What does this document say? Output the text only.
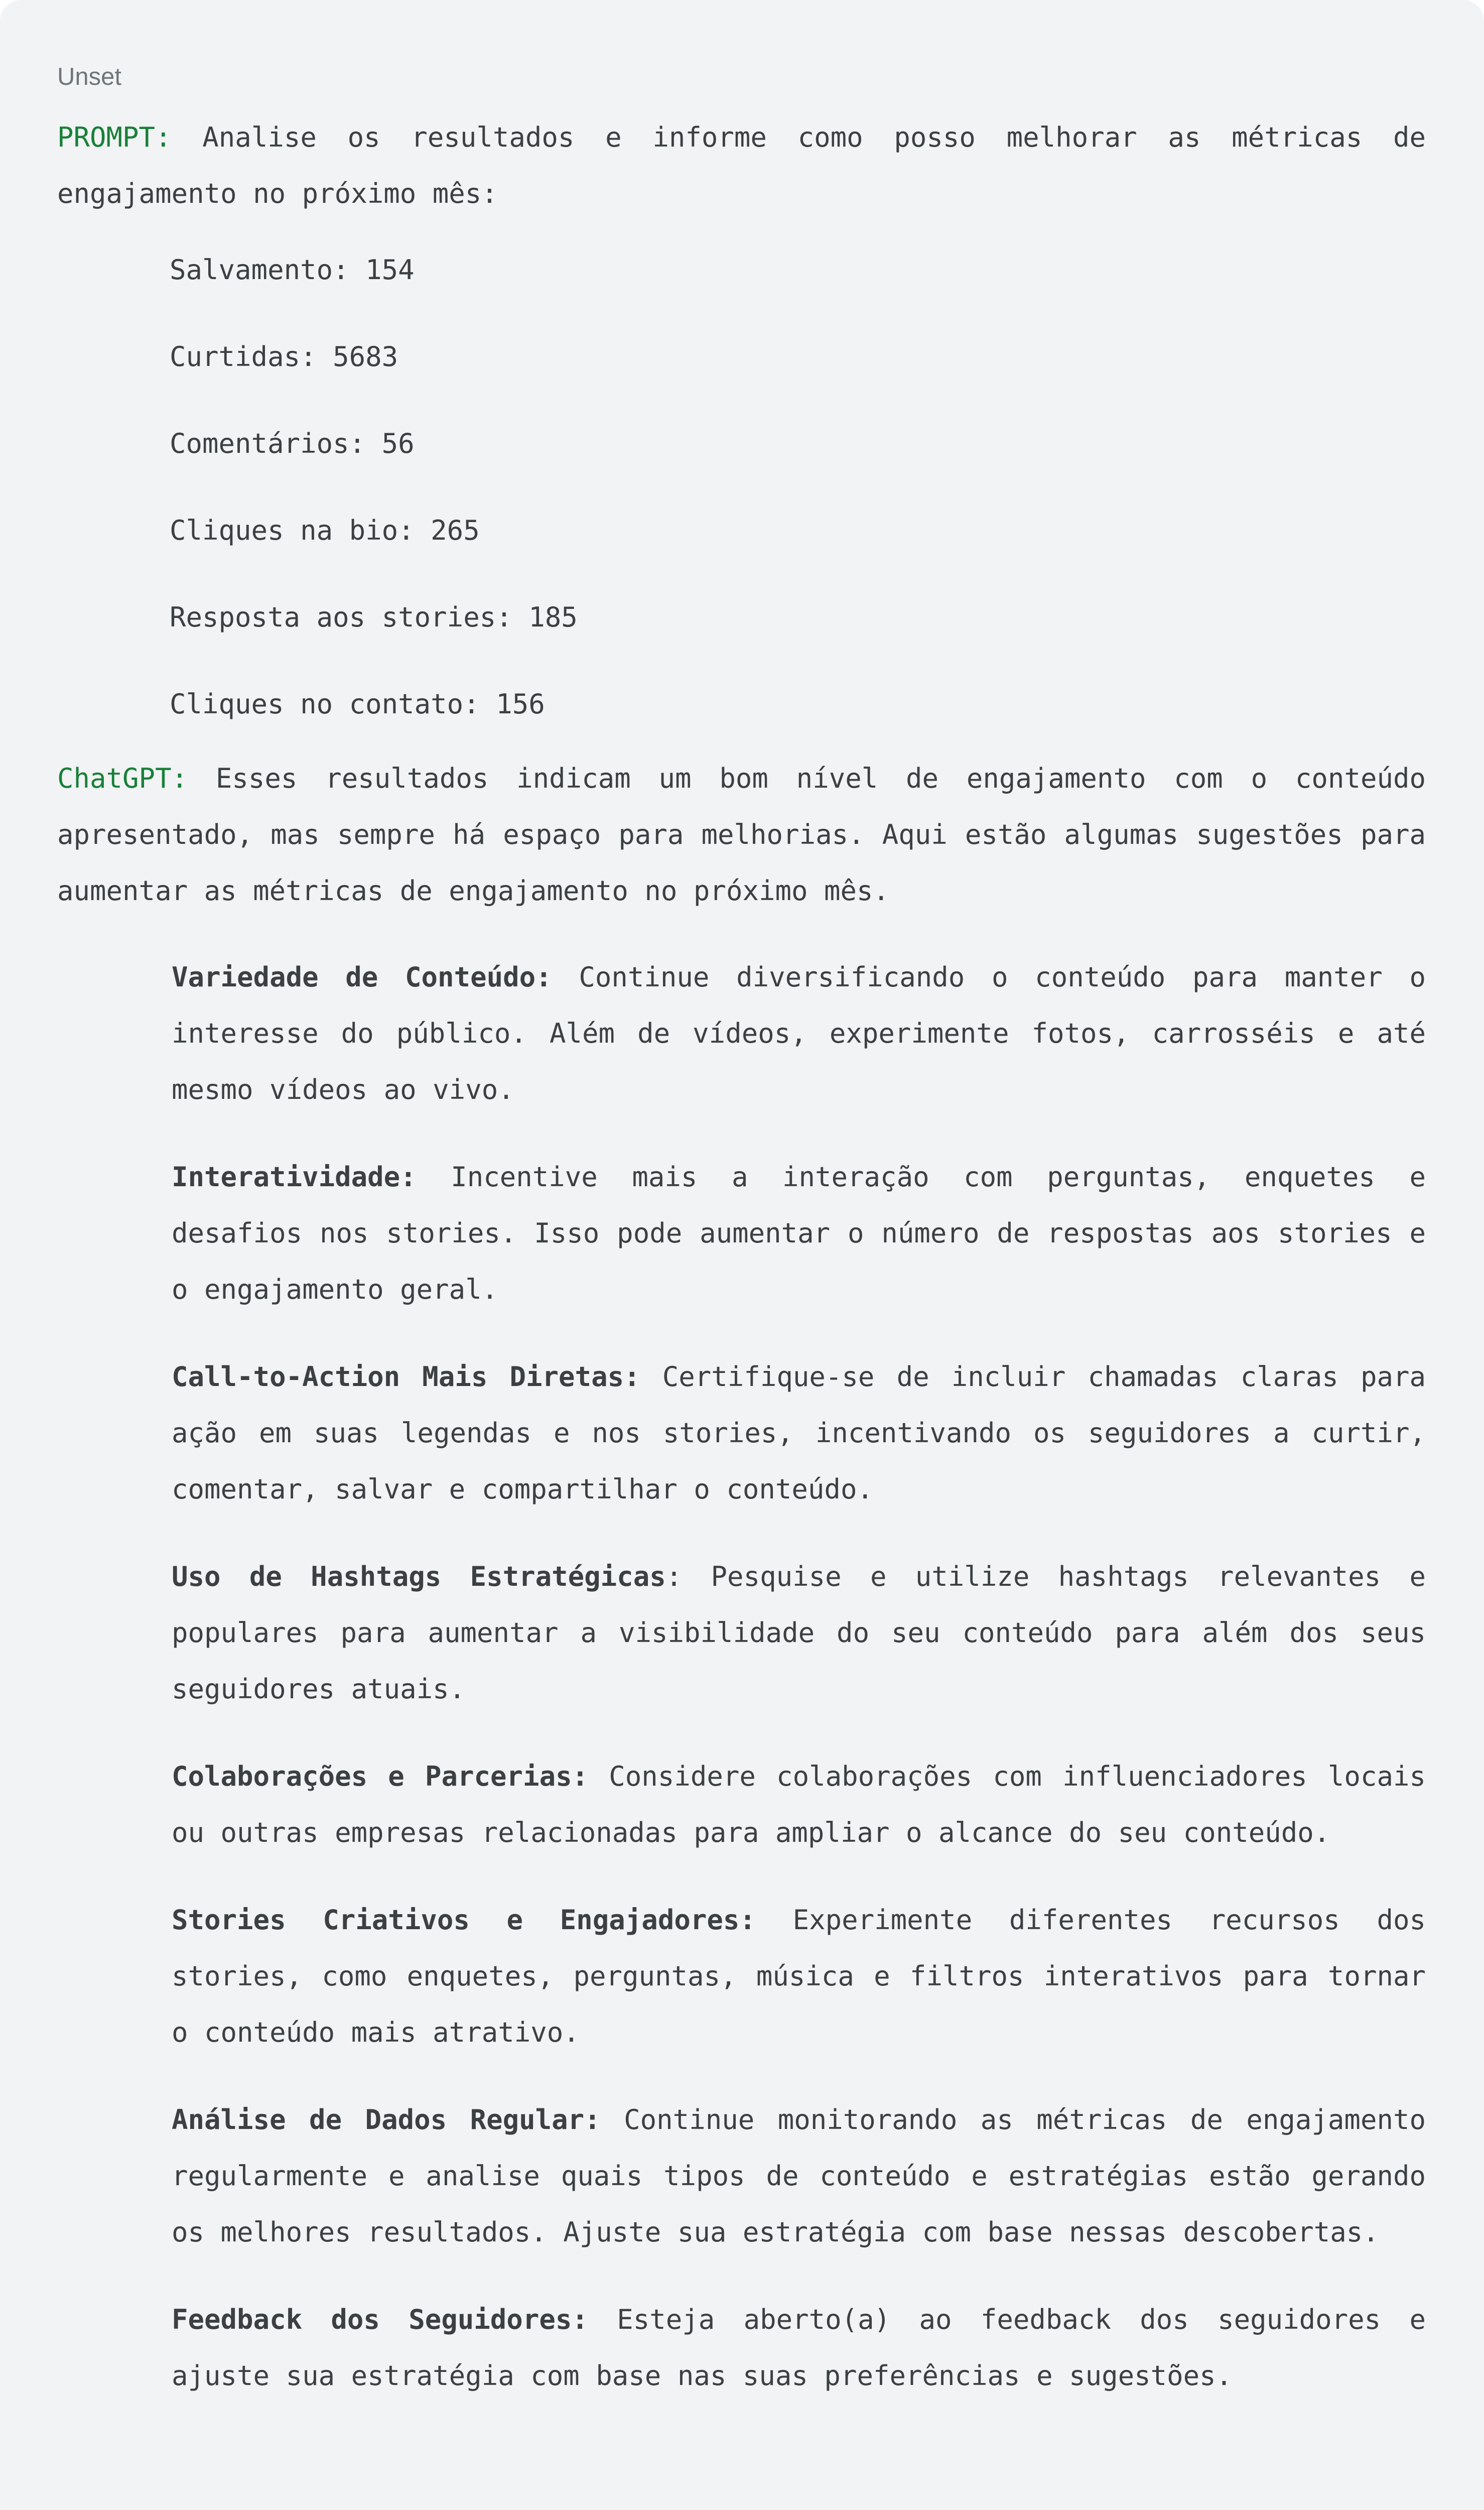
Unset

PROMPT: Analise os resultados e informe como posso melhorar as métricas de engajamento no próximo mês:

Salvamento: 154
Curtidas: 5683
Comentários: 56
Cliques na bio: 265
Resposta aos stories: 185
Cliques no contato: 156

ChatGPT: Esses resultados indicam um bom nível de engajamento com o conteúdo apresentado, mas sempre há espaço para melhorias. Aqui estão algumas sugestões para aumentar as métricas de engajamento no próximo mês.

Variedade de Conteúdo: Continue diversificando o conteúdo para manter o interesse do público. Além de vídeos, experimente fotos, carrosséis e até mesmo vídeos ao vivo.
Interatividade: Incentive mais a interação com perguntas, enquetes e desafios nos stories. Isso pode aumentar o número de respostas aos stories e o engajamento geral.
Call-to-Action Mais Diretas: Certifique-se de incluir chamadas claras para ação em suas legendas e nos stories, incentivando os seguidores a curtir, comentar, salvar e compartilhar o conteúdo.
Uso de Hashtags Estratégicas: Pesquise e utilize hashtags relevantes e populares para aumentar a visibilidade do seu conteúdo para além dos seus seguidores atuais.
Colaborações e Parcerias: Considere colaborações com influenciadores locais ou outras empresas relacionadas para ampliar o alcance do seu conteúdo.
Stories Criativos e Engajadores: Experimente diferentes recursos dos stories, como enquetes, perguntas, música e filtros interativos para tornar o conteúdo mais atrativo.
Análise de Dados Regular: Continue monitorando as métricas de engajamento regularmente e analise quais tipos de conteúdo e estratégias estão gerando os melhores resultados. Ajuste sua estratégia com base nessas descobertas.
Feedback dos Seguidores: Esteja aberto(a) ao feedback dos seguidores e ajuste sua estratégia com base nas suas preferências e sugestões.
